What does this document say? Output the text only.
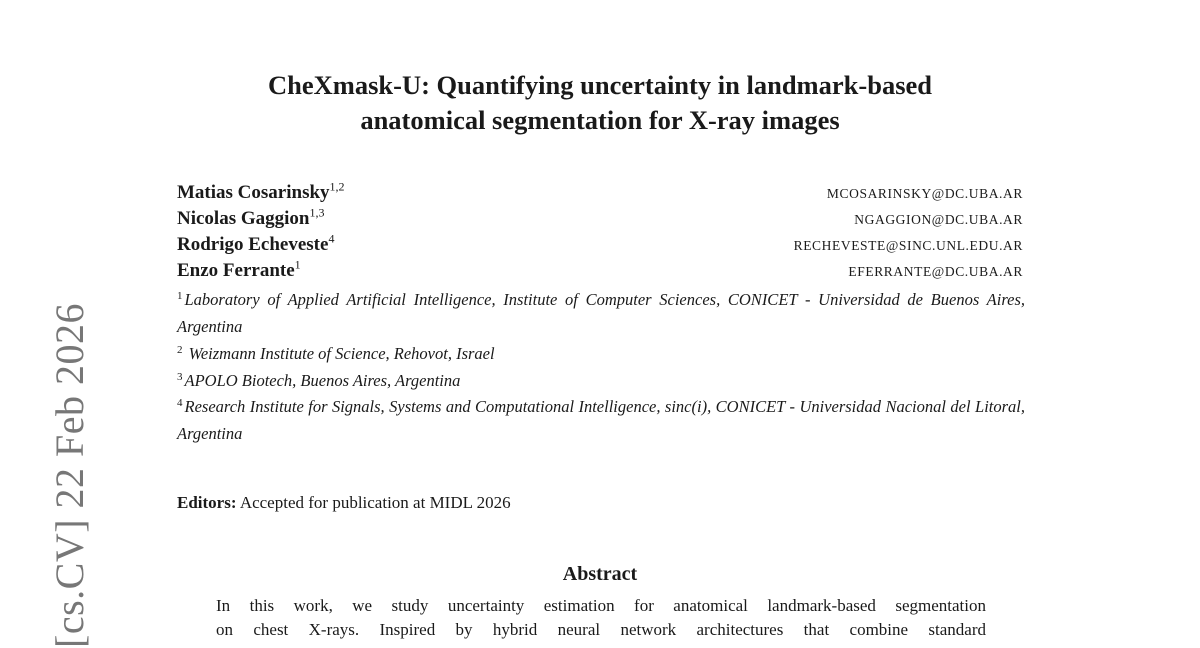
[cs.CV] 22 Feb 2026
CheXmask-U: Quantifying uncertainty in landmark-based
anatomical segmentation for X-ray images
Matias Cosarinsky$^{1,2}$	MCOSARINSKY@DC.UBA.AR
Nicolas Gaggion$^{1,3}$	NGAGGION@DC.UBA.AR
Rodrigo Echeveste$^4$	RECHEVESTE@SINC.UNL.EDU.AR
Enzo Ferrante$^1$	EFERRANTE@DC.UBA.AR
$^1$ Laboratory of Applied Artificial Intelligence, Institute of Computer Sciences, CONICET - Universidad de Buenos Aires, Argentina
$^2$ Weizmann Institute of Science, Rehovot, Israel
$^3$ APOLO Biotech, Buenos Aires, Argentina
$^4$ Research Institute for Signals, Systems and Computational Intelligence, sinc(i), CONICET - Universidad Nacional del Litoral, Argentina
Editors: Accepted for publication at MIDL 2026
Abstract
In this work, we study uncertainty estimation for anatomical landmark-based segmentation
on chest X-rays. Inspired by hybrid neural network architectures that combine standard
